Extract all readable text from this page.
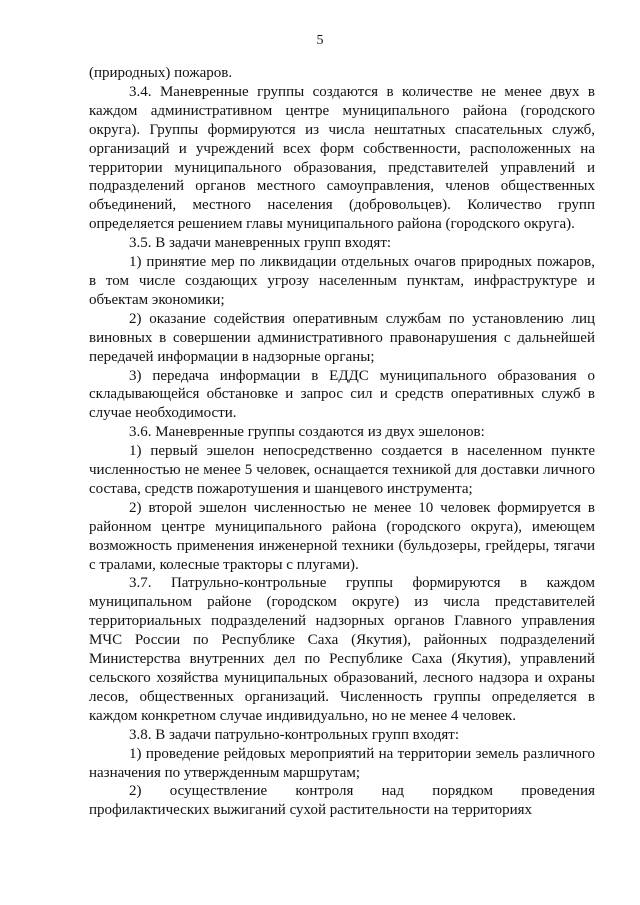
5

(природных) пожаров.

3.4. Маневренные группы создаются в количестве не менее двух в каждом административном центре муниципального района (городского округа). Группы формируются из числа нештатных спасательных служб, организаций и учреждений всех форм собственности, расположенных на территории муниципального образования, представителей управлений и подразделений органов местного самоуправления, членов общественных объединений, местного населения (добровольцев). Количество групп определяется решением главы муниципального района (городского округа).

3.5. В задачи маневренных групп входят:

1) принятие мер по ликвидации отдельных очагов природных пожаров, в том числе создающих угрозу населенным пунктам, инфраструктуре и объектам экономики;

2) оказание содействия оперативным службам по установлению лиц виновных в совершении административного правонарушения с дальнейшей передачей информации в надзорные органы;

3) передача информации в ЕДДС муниципального образования о складывающейся обстановке и запрос сил и средств оперативных служб в случае необходимости.

3.6. Маневренные группы создаются из двух эшелонов:

1) первый эшелон непосредственно создается в населенном пункте численностью не менее 5 человек, оснащается техникой для доставки личного состава, средств пожаротушения и шанцевого инструмента;

2) второй эшелон численностью не менее 10 человек формируется в районном центре муниципального района (городского округа), имеющем возможность применения инженерной техники (бульдозеры, грейдеры, тягачи с тралами, колесные тракторы с плугами).

3.7. Патрульно-контрольные группы формируются в каждом муниципальном районе (городском округе) из числа представителей территориальных подразделений надзорных органов Главного управления МЧС России по Республике Саха (Якутия), районных подразделений Министерства внутренних дел по Республике Саха (Якутия), управлений сельского хозяйства муниципальных образований, лесного надзора и охраны лесов, общественных организаций. Численность группы определяется в каждом конкретном случае индивидуально, но не менее 4 человек.

3.8. В задачи патрульно-контрольных групп входят:

1) проведение рейдовых мероприятий на территории земель различного назначения по утвержденным маршрутам;

2) осуществление контроля над порядком проведения профилактических выжиганий сухой растительности на территориях
